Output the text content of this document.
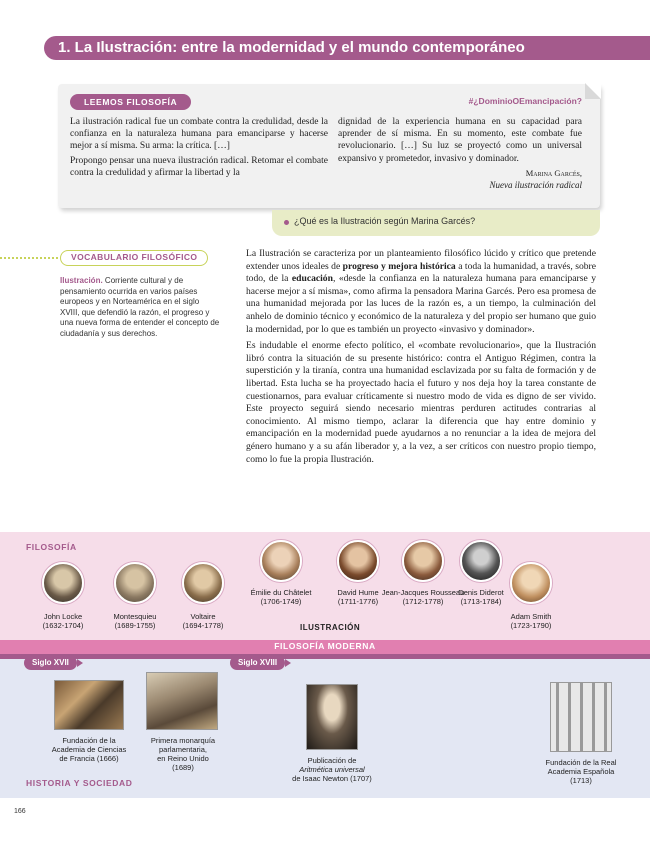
1. La Ilustración: entre la modernidad y el mundo contemporáneo
LEEMOS FILOSOFÍA	#¿DominioOEmancipación?

La ilustración radical fue un combate contra la credulidad, desde la confianza en la naturaleza humana para emanciparse y hacerse mejor a sí misma. Su arma: la crítica. […]

Propongo pensar una nueva ilustración radical. Retomar el combate contra la credulidad y afirmar la libertad y la

dignidad de la experiencia humana en su capacidad para aprender de sí misma. En su momento, este combate fue revolucionario. […] Su luz se proyectó como un universal expansivo y prometedor, invasivo y dominador.

Marina Garcés,
Nueva ilustración radical
¿Qué es la Ilustración según Marina Garcés?
VOCABULARIO FILOSÓFICO
Ilustración. Corriente cultural y de pensamiento ocurrida en varios países europeos y en Norteamérica en el siglo XVIII, que defendió la razón, el progreso y una nueva forma de entender el concepto de ciudadanía y sus derechos.

La Ilustración se caracteriza por un planteamiento filosófico lúcido y crítico que pretende extender unos ideales de progreso y mejora histórica a toda la humanidad, a través, sobre todo, de la educación, «desde la confianza en la naturaleza humana para emanciparse y hacerse mejor a sí misma», como afirma la pensadora Marina Garcés. Pero esa promesa de una humanidad mejorada por las luces de la razón es, a un tiempo, la culminación del anhelo de dominio técnico y económico de la naturaleza y del propio ser humano que guio la modernidad, por lo que es también un proyecto «invasivo y dominador».

Es indudable el enorme efecto político, el «combate revolucionario», que la Ilustración libró contra la situación de su presente histórico: contra el Antiguo Régimen, contra la superstición y la tiranía, contra una humanidad esclavizada por su falta de formación y de libertad. Esta lucha se ha proyectado hacia el futuro y nos deja hoy la tarea constante de cuestionarnos, para evaluar críticamente si nuestro modo de vida es digno de ser vivido. Este proyecto seguirá siendo necesario mientras perduren actitudes contrarias al conocimiento. Al mismo tiempo, aclarar la diferencia que hay entre dominio y emancipación en la modernidad puede ayudarnos a no renunciar a la idea de mejora del género humano y a su afán liberador y, a la vez, a ser críticos con nuestro propio tiempo, como lo fue la propia Ilustración.

FILOSOFÍA
FILOSOFÍA MODERNA
ILUSTRACIÓN
HISTORIA Y SOCIEDAD
Siglo XVII	Siglo XVIII
John Locke
(1632-1704)
Montesquieu
(1689-1755)
Voltaire
(1694-1778)
Émilie du Châtelet
(1706-1749)
David Hume
(1711-1776)
Jean-Jacques Rousseau
(1712-1778)
Denis Diderot
(1713-1784)
Adam Smith
(1723-1790)
Fundación de la
Academia de Ciencias
de Francia (1666)
Primera monarquía
parlamentaria,
en Reino Unido
(1689)
Publicación de
Aritmética universal
de Isaac Newton (1707)
Fundación de la Real
Academia Española
(1713)
166
